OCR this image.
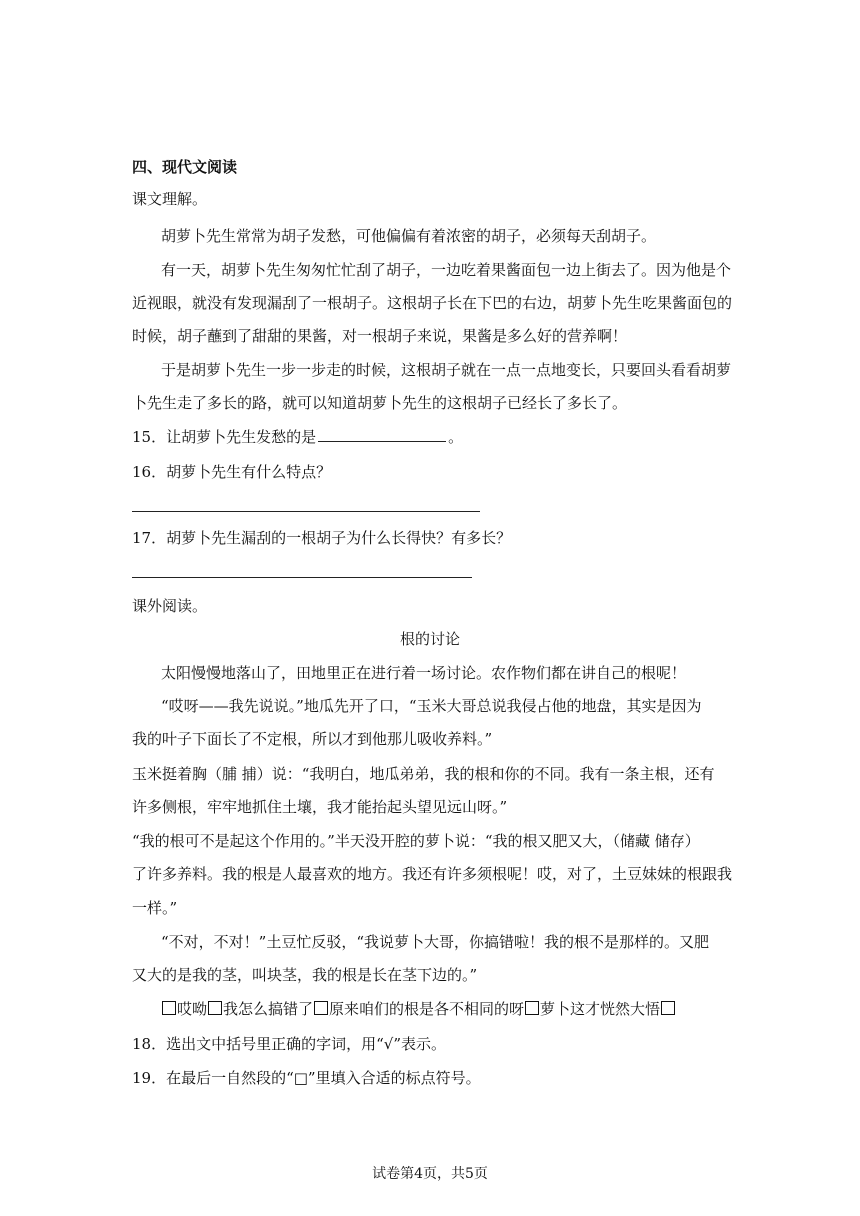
四、现代文阅读
课文理解。
胡萝卜先生常常为胡子发愁，可他偏偏有着浓密的胡子，必须每天刮胡子。
有一天，胡萝卜先生匆匆忙忙刮了胡子，一边吃着果酱面包一边上街去了。因为他是个
近视眼，就没有发现漏刮了一根胡子。这根胡子长在下巴的右边，胡萝卜先生吃果酱面包的
时候，胡子蘸到了甜甜的果酱，对一根胡子来说，果酱是多么好的营养啊！
于是胡萝卜先生一步一步走的时候，这根胡子就在一点一点地变长，只要回头看看胡萝
卜先生走了多长的路，就可以知道胡萝卜先生的这根胡子已经长了多长了。
15．让胡萝卜先生发愁的是	。
16．胡萝卜先生有什么特点？
17．胡萝卜先生漏刮的一根胡子为什么长得快？有多长？
课外阅读。
根的讨论
太阳慢慢地落山了，田地里正在进行着一场讨论。农作物们都在讲自己的根呢！
“哎呀——我先说说。”地瓜先开了口，“玉米大哥总说我侵占他的地盘，其实是因为
我的叶子下面长了不定根，所以才到他那儿吸收养料。”
玉米挺着胸（脯 捕）说：“我明白，地瓜弟弟，我的根和你的不同。我有一条主根，还有
许多侧根，牢牢地抓住土壤，我才能抬起头望见远山呀。”
“我的根可不是起这个作用的。”半天没开腔的萝卜说：“我的根又肥又大，（储藏 储存）
了许多养料。我的根是人最喜欢的地方。我还有许多须根呢！哎，对了，土豆妹妹的根跟我
一样。”
“不对，不对！”土豆忙反驳，“我说萝卜大哥，你搞错啦！我的根不是那样的。又肥
又大的是我的茎，叫块茎，我的根是长在茎下边的。”
哎呦 我怎么搞错了 原来咱们的根是各不相同的呀 萝卜这才恍然大悟
18．选出文中括号里正确的字词，用“√”表示。
19．在最后一自然段的“□”里填入合适的标点符号。
试卷第4页，共5页
